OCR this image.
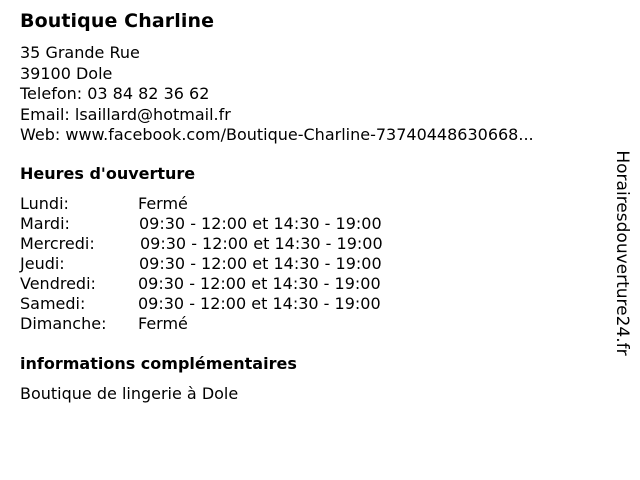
Boutique Charline
35 Grande Rue
39100 Dole
Telefon: 03 84 82 36 62
Email: lsaillard@hotmail.fr
Web: www.facebook.com/Boutique-Charline-73740448630668...
Heures d'ouverture
Lundi:	Fermé
Mardi:	09:30 - 12:00 et 14:30 - 19:00
Mercredi:	09:30 - 12:00 et 14:30 - 19:00
Jeudi:	09:30 - 12:00 et 14:30 - 19:00
Vendredi:	09:30 - 12:00 et 14:30 - 19:00
Samedi:	09:30 - 12:00 et 14:30 - 19:00
Dimanche: Fermé
informations complémentaires
Boutique de lingerie à Dole
Horairesdouverture24.fr
